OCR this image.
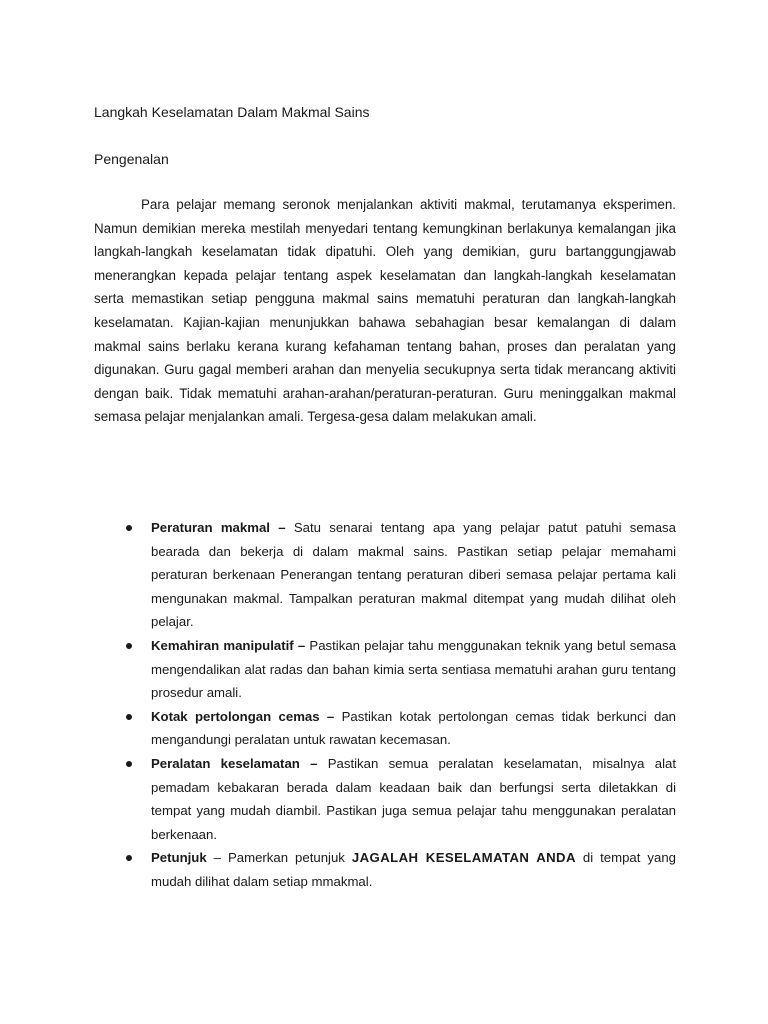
Langkah Keselamatan Dalam Makmal Sains
Pengenalan

Para pelajar memang seronok menjalankan aktiviti makmal, terutamanya eksperimen. Namun demikian mereka mestilah menyedari tentang kemungkinan berlakunya kemalangan jika langkah-langkah keselamatan tidak dipatuhi. Oleh yang demikian, guru bartanggungjawab menerangkan kepada pelajar tentang aspek keselamatan dan langkah-langkah keselamatan serta memastikan setiap pengguna makmal sains mematuhi peraturan dan langkah-langkah keselamatan. Kajian-kajian menunjukkan bahawa sebahagian besar kemalangan di dalam makmal sains berlaku kerana kurang kefahaman tentang bahan, proses dan peralatan yang digunakan. Guru gagal memberi arahan dan menyelia secukupnya serta tidak merancang aktiviti dengan baik. Tidak mematuhi arahan-arahan/peraturan-peraturan. Guru meninggalkan makmal semasa pelajar menjalankan amali. Tergesa-gesa dalam melakukan amali.

Peraturan makmal – Satu senarai tentang apa yang pelajar patut patuhi semasa bearada dan bekerja di dalam makmal sains. Pastikan setiap pelajar memahami peraturan berkenaan Penerangan tentang peraturan diberi semasa pelajar pertama kali mengunakan makmal. Tampalkan peraturan makmal ditempat yang mudah dilihat oleh pelajar.
Kemahiran manipulatif – Pastikan pelajar tahu menggunakan teknik yang betul semasa mengendalikan alat radas dan bahan kimia serta sentiasa mematuhi arahan guru tentang prosedur amali.
Kotak pertolongan cemas – Pastikan kotak pertolongan cemas tidak berkunci dan mengandungi peralatan untuk rawatan kecemasan.
Peralatan keselamatan – Pastikan semua peralatan keselamatan, misalnya alat pemadam kebakaran berada dalam keadaan baik dan berfungsi serta diletakkan di tempat yang mudah diambil. Pastikan juga semua pelajar tahu menggunakan peralatan berkenaan.
Petunjuk – Pamerkan petunjuk JAGALAH KESELAMATAN ANDA di tempat yang mudah dilihat dalam setiap mmakmal.
